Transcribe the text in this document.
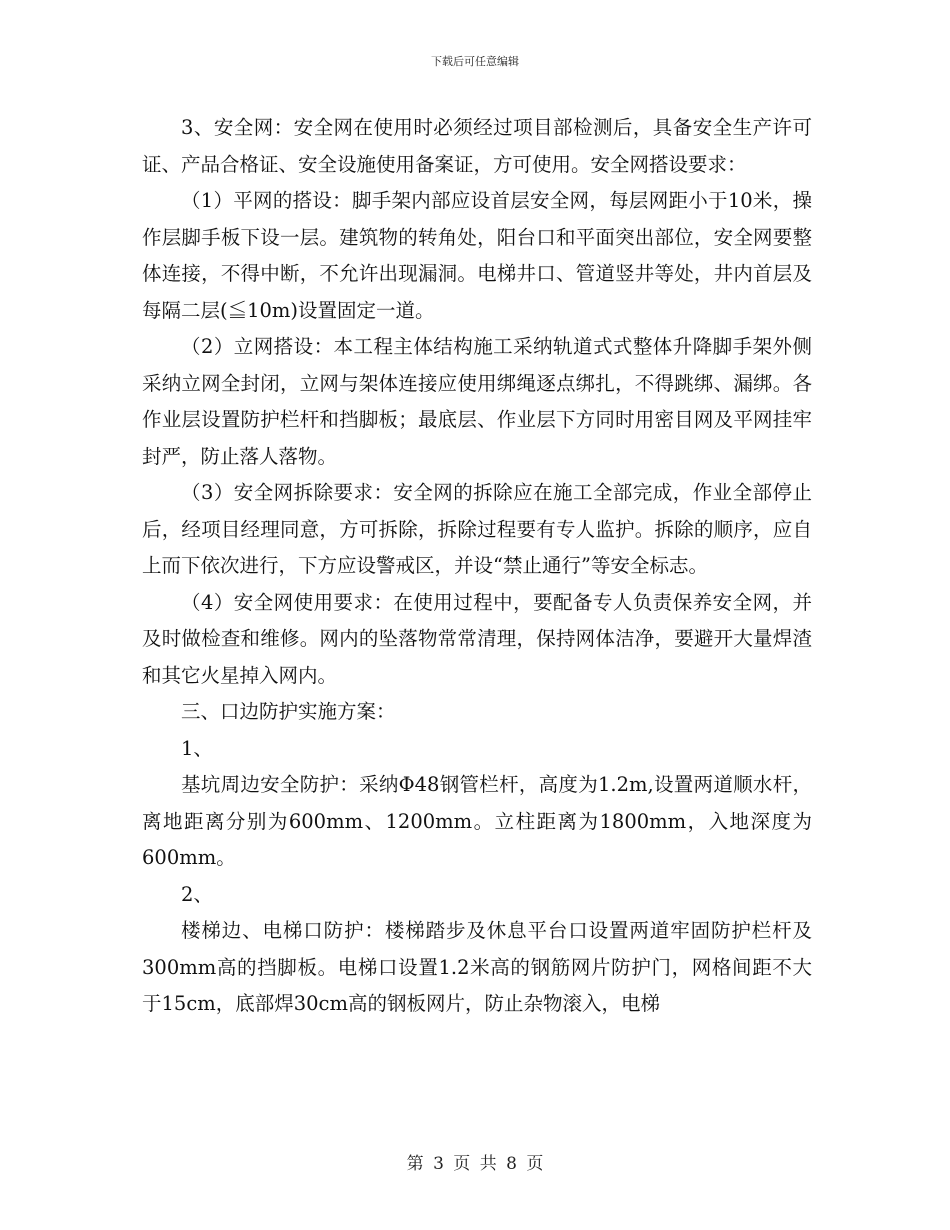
下载后可任意编辑

3、安全网：安全网在使用时必须经过项目部检测后，具备安全生产许可证、产品合格证、安全设施使用备案证，方可使用。安全网搭设要求：

（1）平网的搭设：脚手架内部应设首层安全网，每层网距小于10米，操作层脚手板下设一层。建筑物的转角处，阳台口和平面突出部位，安全网要整体连接，不得中断，不允许出现漏洞。电梯井口、管道竖井等处，井内首层及每隔二层(≦10m)设置固定一道。

（2）立网搭设：本工程主体结构施工采纳轨道式式整体升降脚手架外侧采纳立网全封闭，立网与架体连接应使用绑绳逐点绑扎，不得跳绑、漏绑。各作业层设置防护栏杆和挡脚板；最底层、作业层下方同时用密目网及平网挂牢封严，防止落人落物。

（3）安全网拆除要求：安全网的拆除应在施工全部完成，作业全部停止后，经项目经理同意，方可拆除，拆除过程要有专人监护。拆除的顺序，应自上而下依次进行，下方应设警戒区，并设“禁止通行”等安全标志。

（4）安全网使用要求：在使用过程中，要配备专人负责保养安全网，并及时做检查和维修。网内的坠落物常常清理，保持网体洁净，要避开大量焊渣和其它火星掉入网内。

三、口边防护实施方案：

1、

基坑周边安全防护：采纳Φ48钢管栏杆，高度为1.2m,设置两道顺水杆，离地距离分别为600mm、1200mm。立柱距离为1800mm，入地深度为600mm。

2、

楼梯边、电梯口防护：楼梯踏步及休息平台口设置两道牢固防护栏杆及300mm高的挡脚板。电梯口设置1.2米高的钢筋网片防护门，网格间距不大于15cm，底部焊30cm高的钢板网片，防止杂物滚入，电梯

第 3 页 共 8 页
